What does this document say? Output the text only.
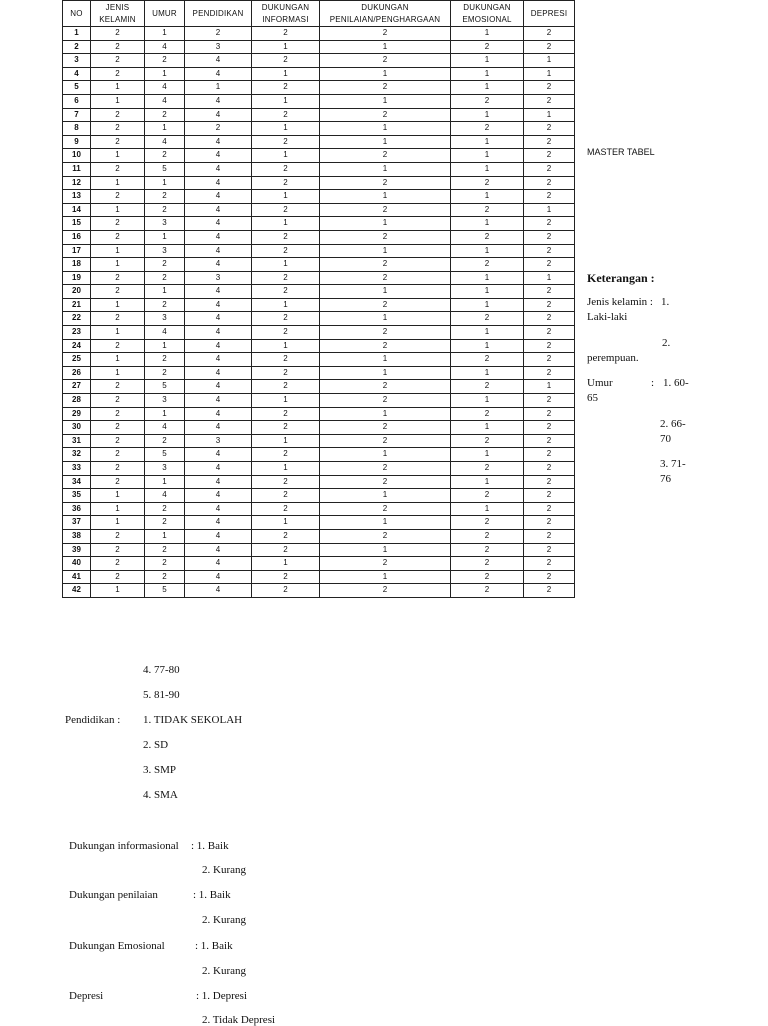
NO	JENIS KELAMIN	UMUR	PENDIDIKAN	DUKUNGAN INFORMASI	DUKUNGAN PENILAIAN/PENGHARGAAN	DUKUNGAN EMOSIONAL	DEPRESI
1	2	1	2	2	2	1	2
2	2	4	3	1	1	2	2
3	2	2	4	2	2	1	1
4	2	1	4	1	1	1	1
5	1	4	1	2	2	1	2
6	1	4	4	1	1	2	2
7	2	2	4	2	2	1	1
8	2	1	2	1	1	2	2
9	2	4	4	2	1	1	2
10	1	2	4	1	2	1	2
11	2	5	4	2	1	1	2
12	1	1	4	2	2	2	2
13	2	2	4	1	1	1	2
14	1	2	4	2	2	2	1
15	2	3	4	1	1	1	2
16	2	1	4	2	2	2	2
17	1	3	4	2	1	1	2
18	1	2	4	1	2	2	2
19	2	2	3	2	2	1	1
20	2	1	4	2	1	1	2
21	1	2	4	1	2	1	2
22	2	3	4	2	1	2	2
23	1	4	4	2	2	1	2
24	2	1	4	1	2	1	2
25	1	2	4	2	1	2	2
26	1	2	4	2	1	1	2
27	2	5	4	2	2	2	1
28	2	3	4	1	2	1	2
29	2	1	4	2	1	2	2
30	2	4	4	2	2	1	2
31	2	2	3	1	2	2	2
32	2	5	4	2	1	1	2
33	2	3	4	1	2	2	2
34	2	1	4	2	2	1	2
35	1	4	4	2	1	2	2
36	1	2	4	2	2	1	2
37	1	2	4	1	1	2	2
38	2	1	4	2	2	2	2
39	2	2	4	2	1	2	2
40	2	2	4	1	2	2	2
41	2	2	4	2	1	2	2
42	1	5	4	2	2	2	2
MASTER TABEL
Keterangan :
Jenis kelamin : 1.
Laki-laki
2.
perempuan.
Umur	: 1. 60-
65
2. 66-
70
3. 71-
76
4. 77-80
5. 81-90
Pendidikan : 1. TIDAK SEKOLAH
2. SD
3. SMP
4. SMA
Dukungan informasional : 1. Baik
2. Kurang
Dukungan penilaian	: 1. Baik
2. Kurang
Dukungan Emosional	: 1. Baik
2. Kurang
Depresi	: 1. Depresi
2. Tidak Depresi
